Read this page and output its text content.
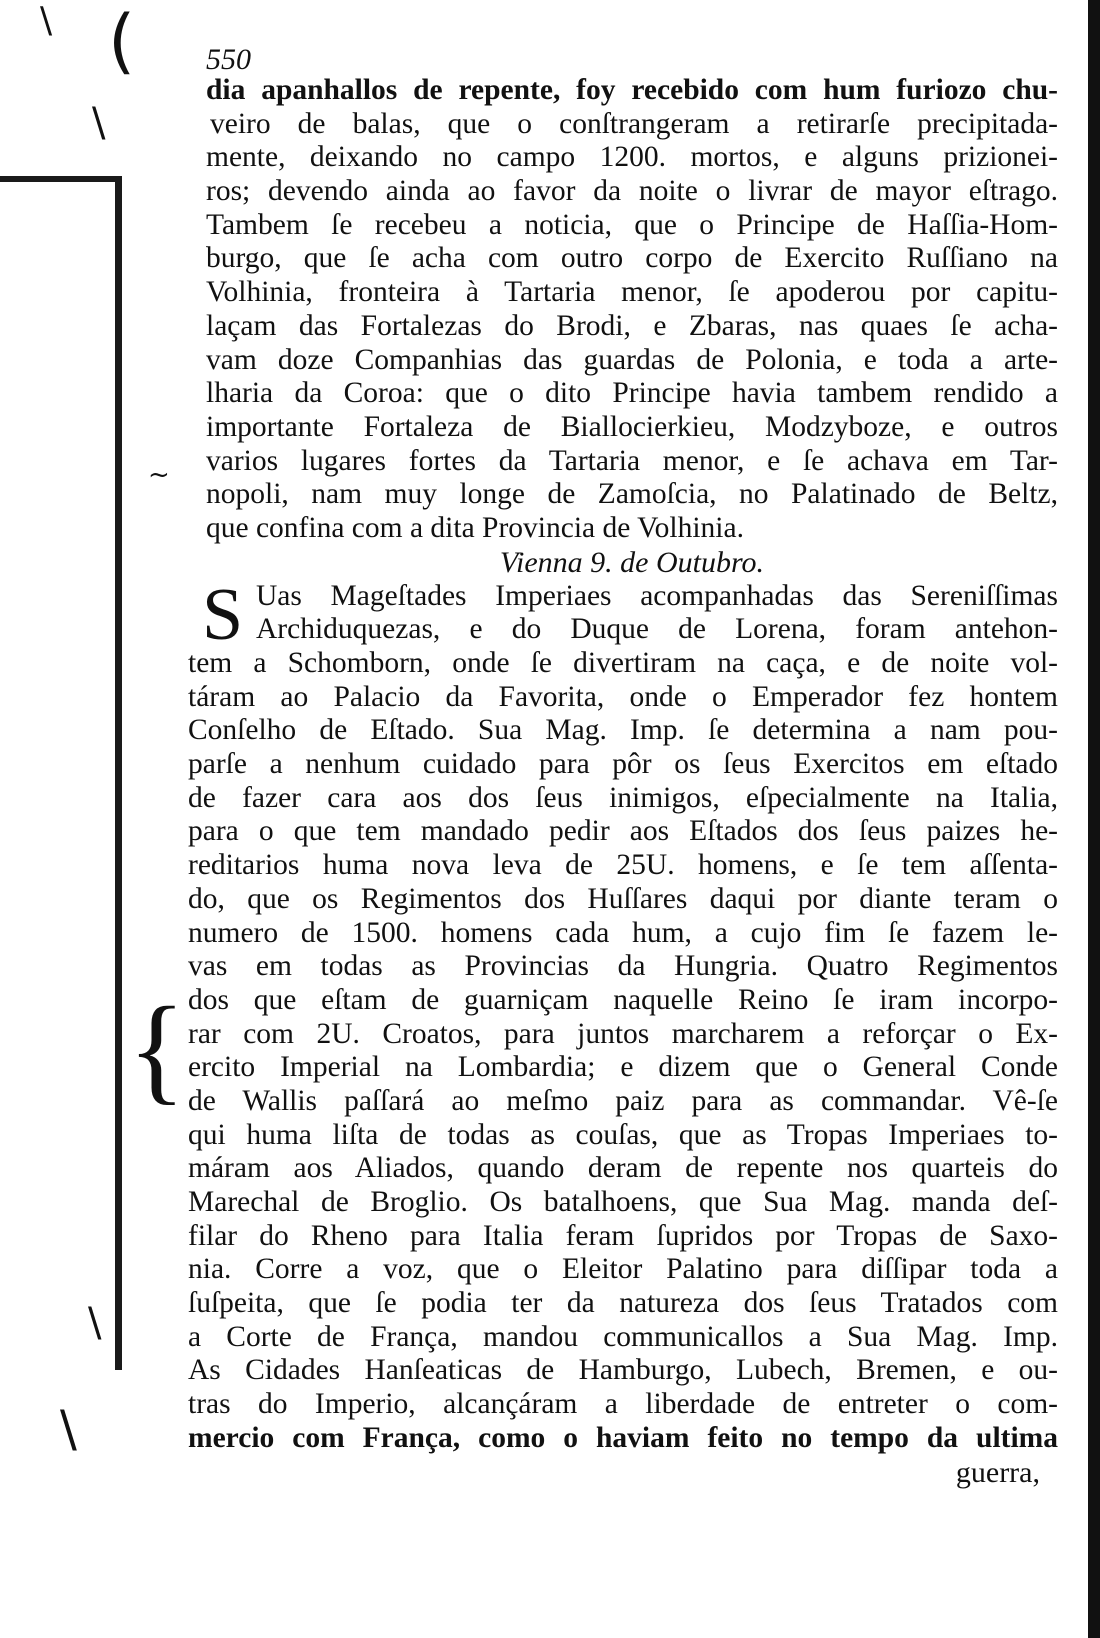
\ (
\
~
{
\
\
550
dia apanhallos de repente, foy recebido com hum furiozo chu-
veiro de balas, que o conſtrangeram a retirarſe precipitada-
mente, deixando no campo 1200. mortos, e alguns prizionei-
ros; devendo ainda ao favor da noite o livrar de mayor eſtrago.
Tambem ſe recebeu a noticia, que o Principe de Haſſia-Hom-
burgo, que ſe acha com outro corpo de Exercito Ruſſiano na
Volhinia, fronteira à Tartaria menor, ſe apoderou por capitu-
laçam das Fortalezas do Brodi, e Zbaras, nas quaes ſe acha-
vam doze Companhias das guardas de Polonia, e toda a arte-
lharia da Coroa: que o dito Principe havia tambem rendido a
importante Fortaleza de Biallocierkieu, Modzyboze, e outros
varios lugares fortes da Tartaria menor, e ſe achava em Tar-
nopoli, nam muy longe de Zamoſcia, no Palatinado de Beltz,
que confina com a dita Provincia de Volhinia.
Vienna 9. de Outubro.
S Uas Mageſtades Imperiaes acompanhadas das Sereniſſimas
Archiduquezas, e do Duque de Lorena, foram antehon-
tem a Schomborn, onde ſe divertiram na caça, e de noite vol-
táram ao Palacio da Favorita, onde o Emperador fez hontem
Conſelho de Eſtado. Sua Mag. Imp. ſe determina a nam pou-
parſe a nenhum cuidado para pôr os ſeus Exercitos em eſtado
de fazer cara aos dos ſeus inimigos, eſpecialmente na Italia,
para o que tem mandado pedir aos Eſtados dos ſeus paizes he-
reditarios huma nova leva de 25U. homens, e ſe tem aſſenta-
do, que os Regimentos dos Huſſares daqui por diante teram o
numero de 1500. homens cada hum, a cujo fim ſe fazem le-
vas em todas as Provincias da Hungria. Quatro Regimentos
dos que eſtam de guarniçam naquelle Reino ſe iram incorpo-
rar com 2U. Croatos, para juntos marcharem a reforçar o Ex-
ercito Imperial na Lombardia; e dizem que o General Conde
de Wallis paſſará ao meſmo paiz para as commandar. Vê-ſe
qui huma liſta de todas as couſas, que as Tropas Imperiaes to-
máram aos Aliados, quando deram de repente nos quarteis do
Marechal de Broglio. Os batalhoens, que Sua Mag. manda deſ-
filar do Rheno para Italia feram ſupridos por Tropas de Saxo-
nia. Corre a voz, que o Eleitor Palatino para diſſipar toda a
ſuſpeita, que ſe podia ter da natureza dos ſeus Tratados com
a Corte de França, mandou communicallos a Sua Mag. Imp.
As Cidades Hanſeaticas de Hamburgo, Lubech, Bremen, e ou-
tras do Imperio, alcançáram a liberdade de entreter o com-
mercio com França, como o haviam feito no tempo da ultima
guerra,
